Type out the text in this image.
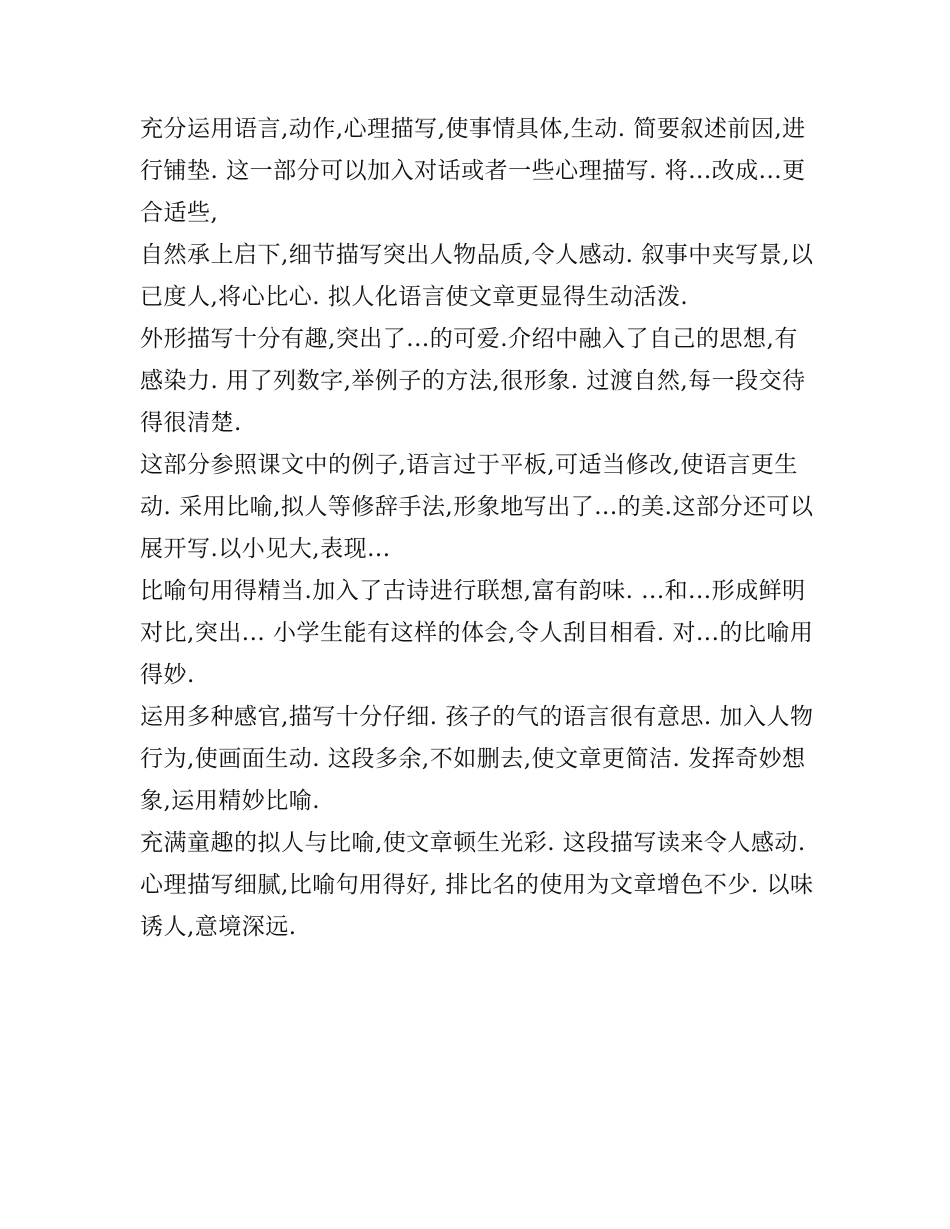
充分运用语言,动作,心理描写,使事情具体,生动. 简要叙述前因,进行铺垫. 这一部分可以加入对话或者一些心理描写. 将...改成...更合适些,

自然承上启下,细节描写突出人物品质,令人感动. 叙事中夹写景,以已度人,将心比心. 拟人化语言使文章更显得生动活泼.

外形描写十分有趣,突出了...的可爱.介绍中融入了自己的思想,有感染力. 用了列数字,举例子的方法,很形象. 过渡自然,每一段交待得很清楚.

这部分参照课文中的例子,语言过于平板,可适当修改,使语言更生动. 采用比喻,拟人等修辞手法,形象地写出了...的美.这部分还可以展开写.以小见大,表现...

比喻句用得精当.加入了古诗进行联想,富有韵味. ...和...形成鲜明对比,突出... 小学生能有这样的体会,令人刮目相看. 对...的比喻用得妙.

运用多种感官,描写十分仔细. 孩子的气的语言很有意思. 加入人物行为,使画面生动. 这段多余,不如删去,使文章更简洁. 发挥奇妙想象,运用精妙比喻.

充满童趣的拟人与比喻,使文章顿生光彩. 这段描写读来令人感动. 心理描写细腻,比喻句用得好, 排比名的使用为文章增色不少. 以味诱人,意境深远.
